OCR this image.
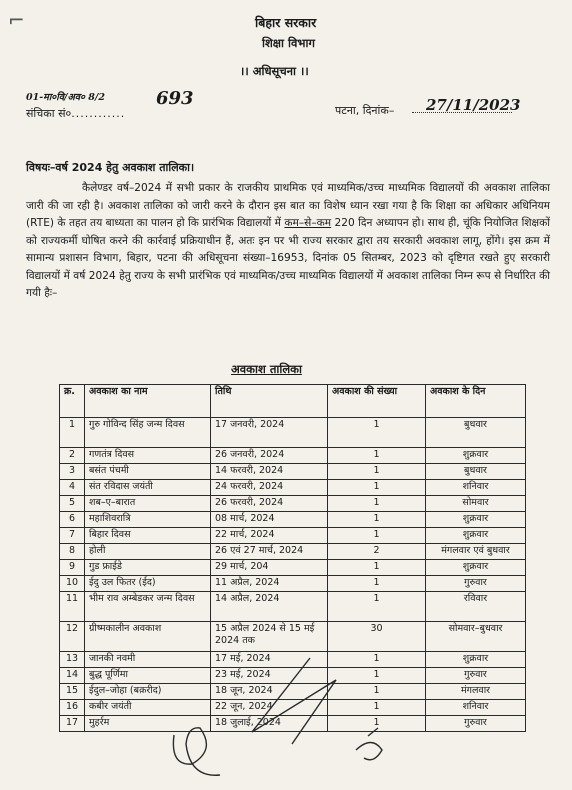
⌐	बिहार सरकार
शिक्षा विभाग
।। अधिसूचना ।।
01-मा०वि/अव० 8/2
संचिका सं०............
693
पटना, दिनांक– 27/11/2023
विषयः–वर्ष 2024 हेतु अवकाश तालिका।

कैलेण्डर वर्ष–2024 में सभी प्रकार के राजकीय प्राथमिक एवं माध्यमिक/उच्च माध्यमिक विद्यालयों की अवकाश तालिका जारी की जा रही है। अवकाश तालिका को जारी करने के दौरान इस बात का विशेष ध्यान रखा गया है कि शिक्षा का अधिकार अधिनियम (RTE) के तहत तय बाध्यता का पालन हो कि प्रारंभिक विद्यालयों में कम–से–कम 220 दिन अध्यापन हो। साथ ही, चूंकि नियोजित शिक्षकों को राज्यकर्मी घोषित करने की कार्रवाई प्रक्रियाधीन हैं, अतः इन पर भी राज्य सरकार द्वारा तय सरकारी अवकाश लागू, होंगे। इस क्रम में सामान्य प्रशासन विभाग, बिहार, पटना की अधिसूचना संख्या–16953, दिनांक 05 सितम्बर, 2023 को दृष्टिगत रखते हुए सरकारी विद्यालयों में वर्ष 2024 हेतु राज्य के सभी प्रारंभिक एवं माध्यमिक/उच्च माध्यमिक विद्यालयों में अवकाश तालिका निम्न रूप से निर्धारित की गयी हैः–

अवकाश तालिका
क्र.	अवकाश का नाम	तिथि	अवकाश की संख्या	अवकाश के दिन
1	गुरु गोविन्द सिंह जन्म दिवस	17 जनवरी, 2024	1	बुधवार
2	गणतंत्र दिवस	26 जनवरी, 2024	1	शुक्रवार
3	बसंत पंचमी	14 फरवरी, 2024	1	बुधवार
4	संत रविदास जयंती	24 फरवरी, 2024	1	शनिवार
5	शब–ए–बारात	26 फरवरी, 2024	1	सोमवार
6	महाशिवरात्रि	08 मार्च, 2024	1	शुक्रवार
7	बिहार दिवस	22 मार्च, 2024	1	शुक्रवार
8	होली	26 एवं 27 मार्च, 2024	2	मंगलवार एवं बुधवार
9	गुड फ्राईडे	29 मार्च, 204	1	शुक्रवार
10	ईदु उल फितर (ईद)	11 अप्रैल, 2024	1	गुरुवार
11	भीम राव अम्बेडकर जन्म दिवस	14 अप्रैल, 2024	1	रविवार
12	ग्रीष्मकालीन अवकाश	15 अप्रैल 2024 से 15 मई 2024 तक	30	सोमवार–बुधवार
13	जानकी नवमी	17 मई, 2024	1	शुक्रवार
14	बुद्ध पूर्णिमा	23 मई, 2024	1	गुरुवार
15	ईदुल–जोहा (बक़रीद)	18 जून, 2024	1	मंगलवार
16	कबीर जयंती	22 जून, 2024	1	शनिवार
17	मुहर्रम	18 जुलाई, 2024	1	गुरुवार
